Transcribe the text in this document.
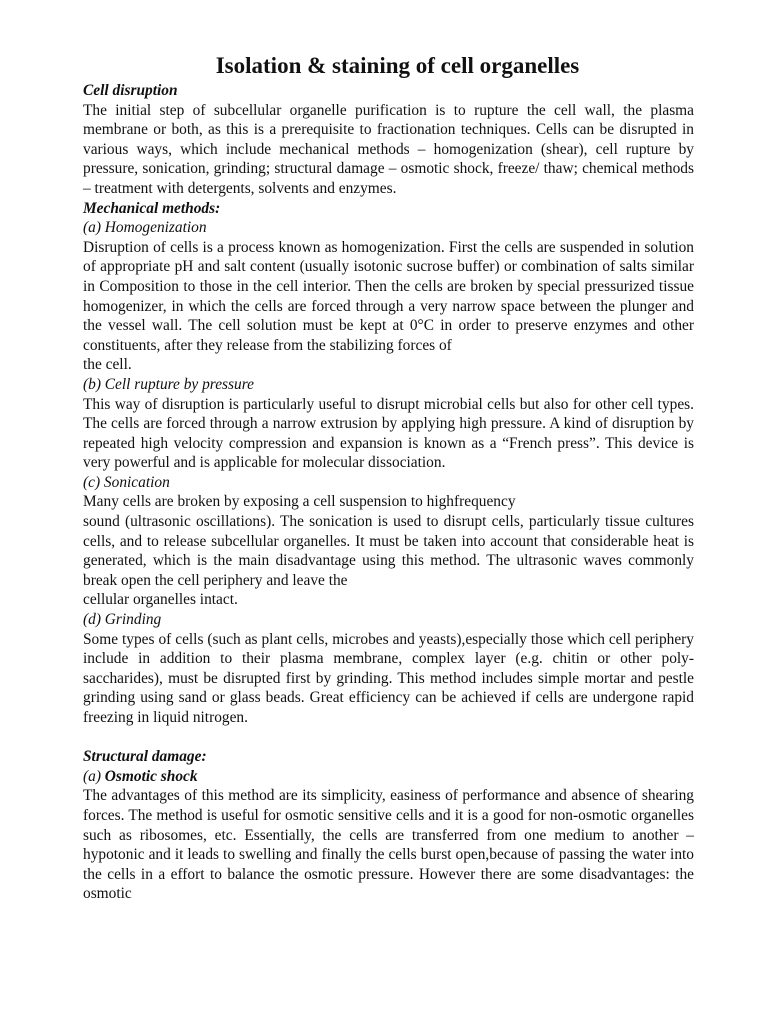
Isolation & staining of cell organelles

Cell disruption

The initial step of subcellular organelle purification is to rupture the cell wall, the plasma membrane or both, as this is a prerequisite to fractionation techniques. Cells can be disrupted in various ways, which include mechanical methods – homogenization (shear), cell rupture by pressure, sonication, grinding; structural damage – osmotic shock, freeze/ thaw; chemical methods – treatment with detergents, solvents and enzymes.

Mechanical methods:

(a) Homogenization

Disruption of cells is a process known as homogenization. First the cells are suspended in solution of appropriate pH and salt content (usually isotonic sucrose buffer) or combination of salts similar in Composition to those in the cell interior. Then the cells are broken by special pressurized tissue homogenizer, in which the cells are forced through a very narrow space between the plunger and the vessel wall. The cell solution must be kept at 0°C in order to preserve enzymes and other constituents, after they release from the stabilizing forces of

the cell.

(b) Cell rupture by pressure

This way of disruption is particularly useful to disrupt microbial cells but also for other cell types. The cells are forced through a narrow extrusion by applying high pressure. A kind of disruption by repeated high velocity compression and expansion is known as a “French press”. This device is very powerful and is applicable for molecular dissociation.

(c) Sonication

Many cells are broken by exposing a cell suspension to highfrequency

sound (ultrasonic oscillations). The sonication is used to disrupt cells, particularly tissue cultures cells, and to release subcellular organelles. It must be taken into account that considerable heat is generated, which is the main disadvantage using this method. The ultrasonic waves commonly break open the cell periphery and leave the

cellular organelles intact.

(d) Grinding

Some types of cells (such as plant cells, microbes and yeasts),especially those which cell periphery include in addition to their plasma membrane, complex layer (e.g. chitin or other poly-saccharides), must be disrupted first by grinding. This method includes simple mortar and pestle grinding using sand or glass beads. Great efficiency can be achieved if cells are undergone rapid freezing in liquid nitrogen.

Structural damage:

(a) Osmotic shock

The advantages of this method are its simplicity, easiness of performance and absence of shearing forces. The method is useful for osmotic sensitive cells and it is a good for non-osmotic organelles such as ribosomes, etc. Essentially, the cells are transferred from one medium to another – hypotonic and it leads to swelling and finally the cells burst open,because of passing the water into the cells in a effort to balance the osmotic pressure. However there are some disadvantages: the osmotic
